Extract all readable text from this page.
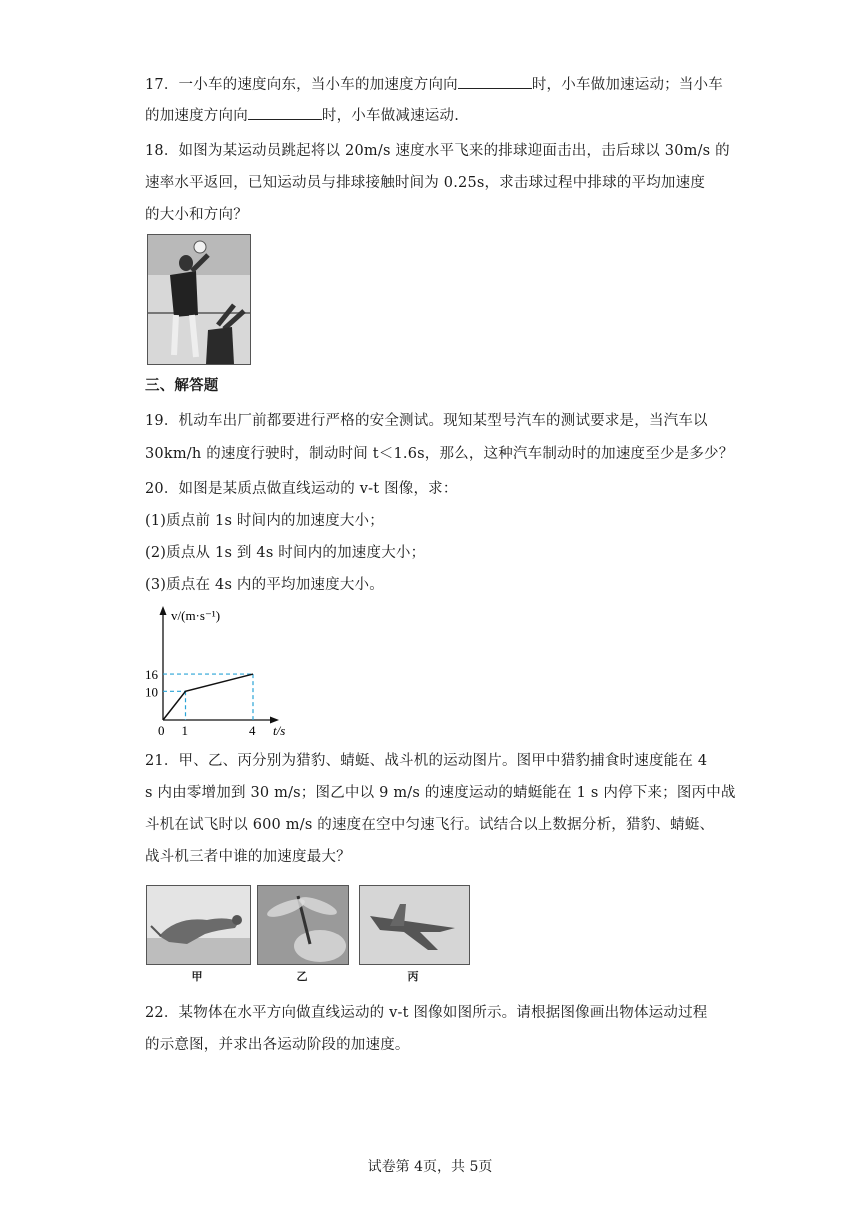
17．一小车的速度向东，当小车的加速度方向向	时，小车做加速运动；当小车
的加速度方向向	时，小车做减速运动.
18．如图为某运动员跳起将以 20m/s 速度水平飞来的排球迎面击出，击后球以 30m/s 的
速率水平返回，已知运动员与排球接触时间为 0.25s，求击球过程中排球的平均加速度
的大小和方向？
三、解答题
19．机动车出厂前都要进行严格的安全测试。现知某型号汽车的测试要求是，当汽车以
30km/h 的速度行驶时，制动时间 t＜1.6s，那么，这种汽车制动时的加速度至少是多少？
20．如图是某质点做直线运动的 v-t 图像，求：
(1)质点前 1s 时间内的加速度大小；
(2)质点从 1s 到 4s 时间内的加速度大小；
(3)质点在 4s 内的平均加速度大小。
v/(m·s⁻¹)
t/s
0 1	4
10
16
21．甲、乙、丙分别为猎豹、蜻蜓、战斗机的运动图片。图甲中猎豹捕食时速度能在 4
s 内由零增加到 30 m/s；图乙中以 9 m/s 的速度运动的蜻蜓能在 1 s 内停下来；图丙中战
斗机在试飞时以 600 m/s 的速度在空中匀速飞行。试结合以上数据分析，猎豹、蜻蜓、
战斗机三者中谁的加速度最大？
甲	乙	丙
22．某物体在水平方向做直线运动的 v-t 图像如图所示。请根据图像画出物体运动过程
的示意图，并求出各运动阶段的加速度。
试卷第 4页，共 5页
